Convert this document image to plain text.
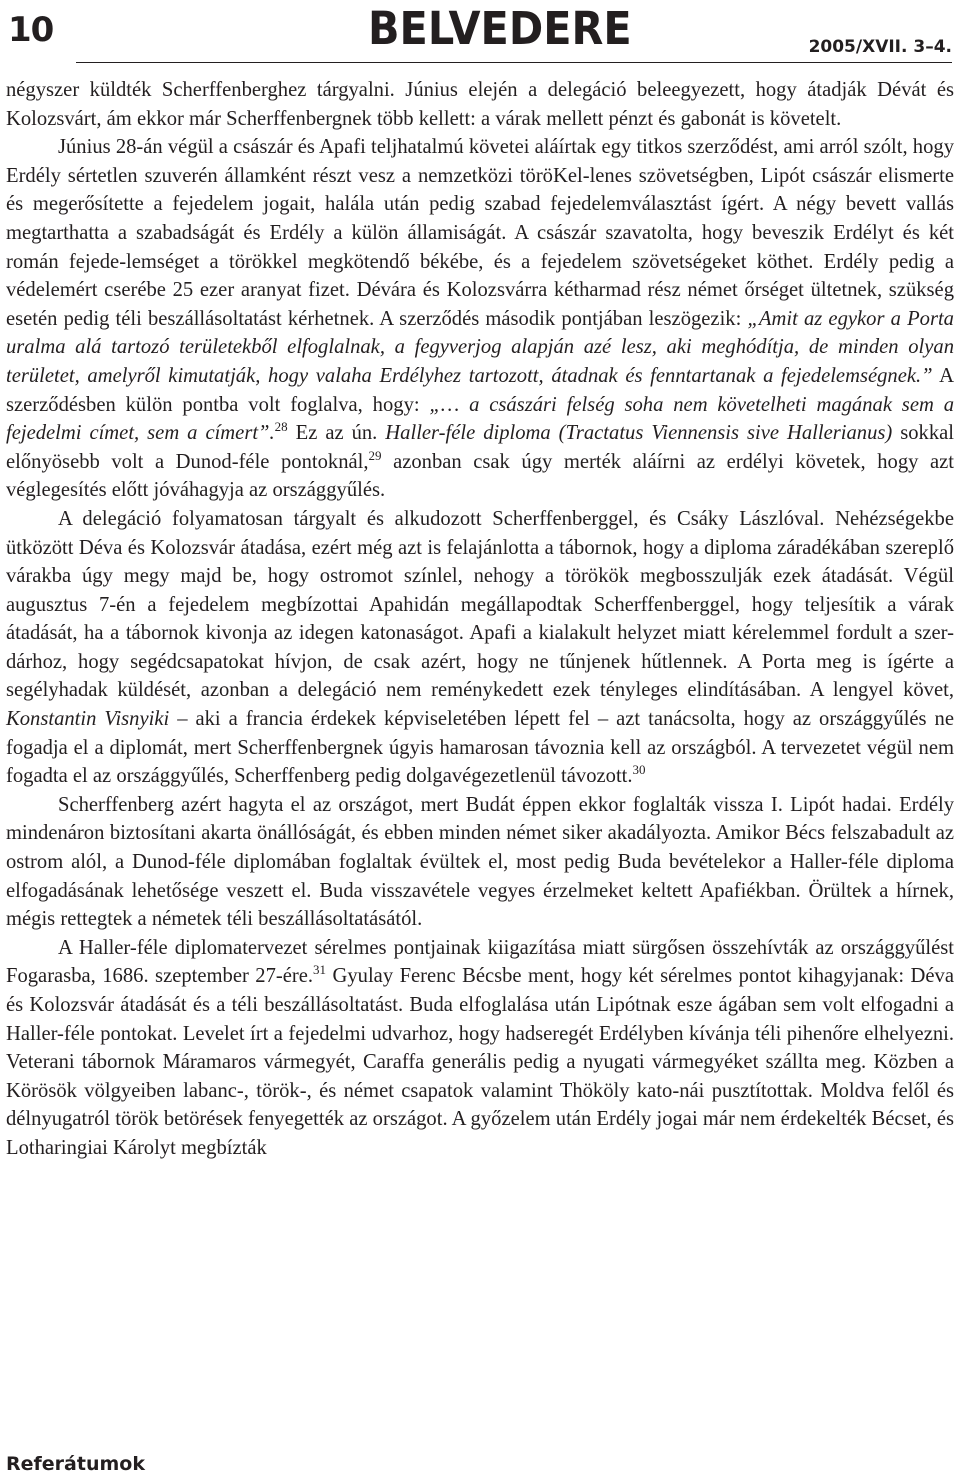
10	BELVEDERE	2005/XVII. 3–4.

négyszer küldték Scherffenberghez tárgyalni. Június elején a delegáció beleegyezett, hogy átadják Dévát és Kolozsvárt, ám ekkor már Scherffenbergnek több kellett: a várak mellett pénzt és gabonát is követelt.

Június 28-án végül a császár és Apafi teljhatalmú követei aláírtak egy titkos szerződést, ami arról szólt, hogy Erdély sértetlen szuverén államként részt vesz a nemzetközi töröKel-lenes szövetségben, Lipót császár elismerte és megerősítette a fejedelem jogait, halála után pedig szabad fejedelemválasztást ígért. A négy bevett vallás megtarthatta a szabadságát és Erdély a külön államiságát. A császár szavatolta, hogy beveszik Erdélyt és két román fejede-lemséget a törökkel megkötendő békébe, és a fejedelem szövetségeket köthet. Erdély pedig a védelemért cserébe 25 ezer aranyat fizet. Dévára és Kolozsvárra kétharmad rész német őrséget ültetnek, szükség esetén pedig téli beszállásoltatást kérhetnek. A szerződés második pontjában leszögezik: „Amit az egykor a Porta uralma alá tartozó területekből elfoglalnak, a fegyverjog alapján azé lesz, aki meghódítja, de minden olyan területet, amelyről kimutatják, hogy valaha Erdélyhez tartozott, átadnak és fenntartanak a fejedelemségnek.” A szerződésben külön pontba volt foglalva, hogy: „… a császári felség soha nem követelheti magának sem a fejedelmi címet, sem a címert”.$^{28}$ Ez az ún. Haller-féle diploma (Tractatus Viennensis sive Hallerianus) sokkal előnyösebb volt a Dunod-féle pontoknál,$^{29}$ azonban csak úgy merték aláírni az erdélyi követek, hogy azt véglegesítés előtt jóváhagyja az országgyűlés.

A delegáció folyamatosan tárgyalt és alkudozott Scherffenberggel, és Csáky Lászlóval. Nehézségekbe ütközött Déva és Kolozsvár átadása, ezért még azt is felajánlotta a tábornok, hogy a diploma záradékában szereplő várakba úgy megy majd be, hogy ostromot színlel, nehogy a törökök megbosszulják ezek átadását. Végül augusztus 7-én a fejedelem megbízottai Apahidán megállapodtak Scherffenberggel, hogy teljesítik a várak átadását, ha a tábornok kivonja az idegen katonaságot. Apafi a kialakult helyzet miatt kérelemmel fordult a szer-dárhoz, hogy segédcsapatokat hívjon, de csak azért, hogy ne tűnjenek hűtlennek. A Porta meg is ígérte a segélyhadak küldését, azonban a delegáció nem reménykedett ezek tényleges elindításában. A lengyel követ, Konstantin Visnyiki – aki a francia érdekek képviseletében lépett fel – azt tanácsolta, hogy az országgyűlés ne fogadja el a diplomát, mert Scherffenbergnek úgyis hamarosan távoznia kell az országból. A tervezetet végül nem fogadta el az országgyűlés, Scherffenberg pedig dolgavégezetlenül távozott.$^{30}$

Scherffenberg azért hagyta el az országot, mert Budát éppen ekkor foglalták vissza I. Lipót hadai. Erdély mindenáron biztosítani akarta önállóságát, és ebben minden német siker akadályozta. Amikor Bécs felszabadult az ostrom alól, a Dunod-féle diplomában foglaltak évültek el, most pedig Buda bevételekor a Haller-féle diploma elfogadásának lehetősége veszett el. Buda visszavétele vegyes érzelmeket keltett Apafiékban. Örültek a hírnek, mégis rettegtek a németek téli beszállásoltatásától.

A Haller-féle diplomatervezet sérelmes pontjainak kiigazítása miatt sürgősen összehívták az országgyűlést Fogarasba, 1686. szeptember 27-ére.$^{31}$ Gyulay Ferenc Bécsbe ment, hogy két sérelmes pontot kihagyjanak: Déva és Kolozsvár átadását és a téli beszállásoltatást. Buda elfoglalása után Lipótnak esze ágában sem volt elfogadni a Haller-féle pontokat. Levelet írt a fejedelmi udvarhoz, hogy hadseregét Erdélyben kívánja téli pihenőre elhelyezni. Veterani tábornok Máramaros vármegyét, Caraffa generális pedig a nyugati vármegyéket szállta meg. Közben a Körösök völgyeiben labanc-, török-, és német csapatok valamint Thököly kato-nái pusztítottak. Moldva felől és délnyugatról török betörések fenyegették az országot. A győzelem után Erdély jogai már nem érdekelték Bécset, és Lotharingiai Károlyt megbízták

Referátumok
